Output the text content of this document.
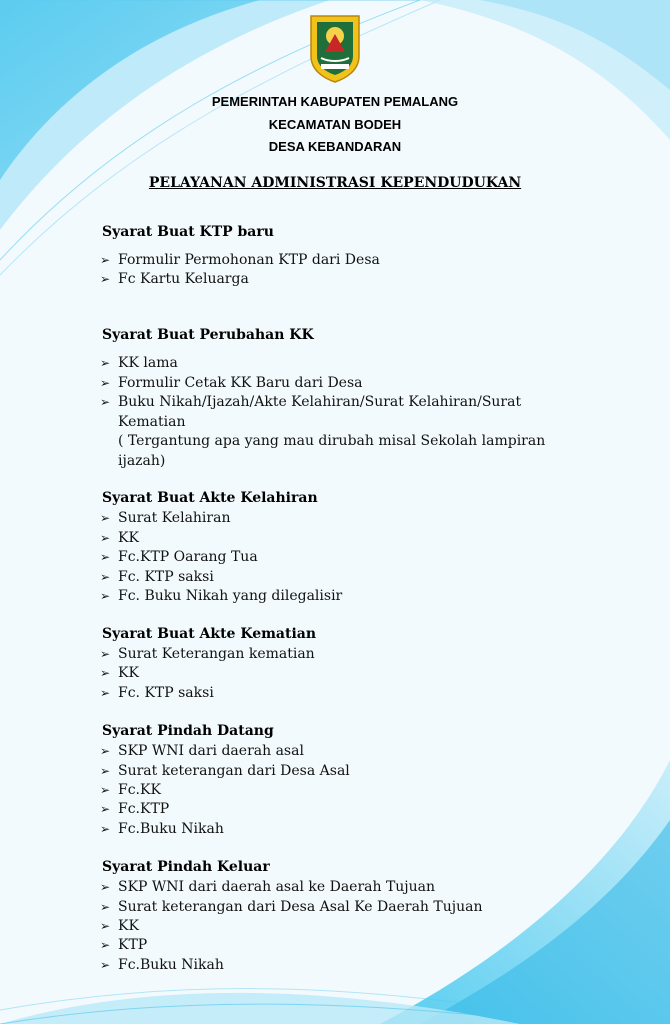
PEMERINTAH KABUPATEN PEMALANG
KECAMATAN BODEH
DESA KEBANDARAN
PELAYANAN ADMINISTRASI KEPENDUDUKAN
Syarat Buat KTP baru
➢ Formulir Permohonan KTP dari Desa
➢ Fc Kartu Keluarga
Syarat Buat Perubahan KK
➢ KK lama
➢ Formulir Cetak KK Baru dari Desa
➢ Buku Nikah/Ijazah/Akte Kelahiran/Surat Kelahiran/Surat Kematian
( Tergantung apa yang mau dirubah misal Sekolah lampiran ijazah)
Syarat Buat Akte Kelahiran
➢ Surat Kelahiran
➢ KK
➢ Fc.KTP Oarang Tua
➢ Fc. KTP saksi
➢ Fc. Buku Nikah yang dilegalisir
Syarat Buat Akte Kematian
➢ Surat Keterangan kematian
➢ KK
➢ Fc. KTP saksi
Syarat Pindah Datang
➢ SKP WNI dari daerah asal
➢ Surat keterangan dari Desa Asal
➢ Fc.KK
➢ Fc.KTP
➢ Fc.Buku Nikah
Syarat Pindah Keluar
➢ SKP WNI dari daerah asal ke Daerah Tujuan
➢ Surat keterangan dari Desa Asal Ke Daerah Tujuan
➢ KK
➢ KTP
➢ Fc.Buku Nikah
